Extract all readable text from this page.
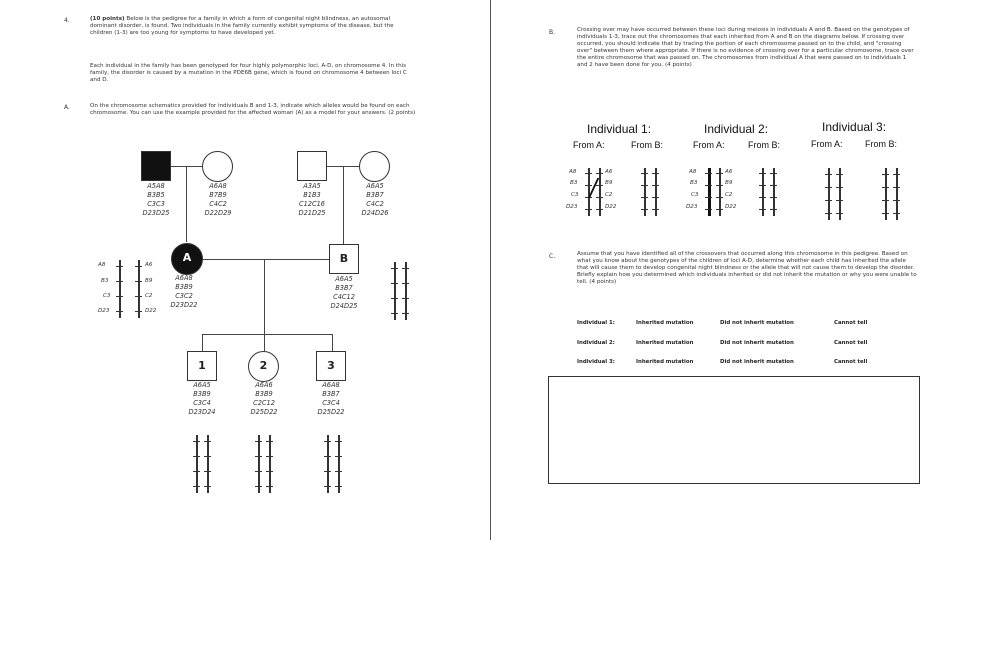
4.	(10 points) Below is the pedigree for a family in which a form of congenital night blindness, an autosomal dominant disorder, is found. Two individuals in the family currently exhibit symptoms of the disease, but the children (1-3) are too young for symptoms to have developed yet.
Each individual in the family has been genotyped for four highly polymorphic loci, A-D, on chromosome 4. In this family, the disorder is caused by a mutation in the PDE6B gene, which is found on chromosome 4 between loci C and D.
A.	On the chromosome schematics provided for individuals B and 1-3, indicate which alleles would be found on each chromosome. You can use the example provided for the affected woman (A) as a model for your answers. (2 points)
A5A8
B3B5
C3C3
D23D25
A6A8
B7B9
C4C2
D22D29
A3A5
B1B3
C12C16
D21D25
A6A5
B3B7
C4C2
D24D26
A	B
A6A8
B3B9
C3C2
D23D22
A6A5
B3B7
C4C12
D24D25
A8
B3
C3
D23
A6
B9
C2
D22
1	2	3
A6A5
B3B9
C3C4
D23D24
A6A6
B3B9
C2C12
D25D22
A6A8
B3B7
C3C4
D25D22
B.	Crossing over may have occurred between these loci during meiosis in individuals A and B. Based on the genotypes of individuals 1-3, trace out the chromosomes that each inherited from A and B on the diagrams below. If crossing over occurred, you should indicate that by tracing the portion of each chromosome passed on to the child, and "crossing over" between them where appropriate. If there is no evidence of crossing over for a particular chromosome, trace over the entire chromosome that was passed on. The chromosomes from individual A that were passed on to individuals 1 and 2 have been done for you. (4 points)
Individual 1:
From A:	From B:
Individual 2:
From A:	From B:
Individual 3:
From A: From B:
A8
B3
C3
D23
A6
B9
C2
D22
A8
B3
C3
D23
A6
B9
C2
D22
C.	Assume that you have identified all of the crossovers that occurred along this chromosome in this pedigree. Based on what you know about the genotypes of the children of loci A-D, determine whether each child has inherited the allele that will cause them to develop congenital night blindness or the allele that will not cause them to develop the disorder. Briefly explain how you determined which individuals inherited or did not inherit the mutation or why you were unable to tell. (4 points)
Individual 1:	Inherited mutation	Did not inherit mutation	Cannot tell
Individual 2:	Inherited mutation	Did not inherit mutation	Cannot tell
Individual 3:	Inherited mutation	Did not inherit mutation	Cannot tell
